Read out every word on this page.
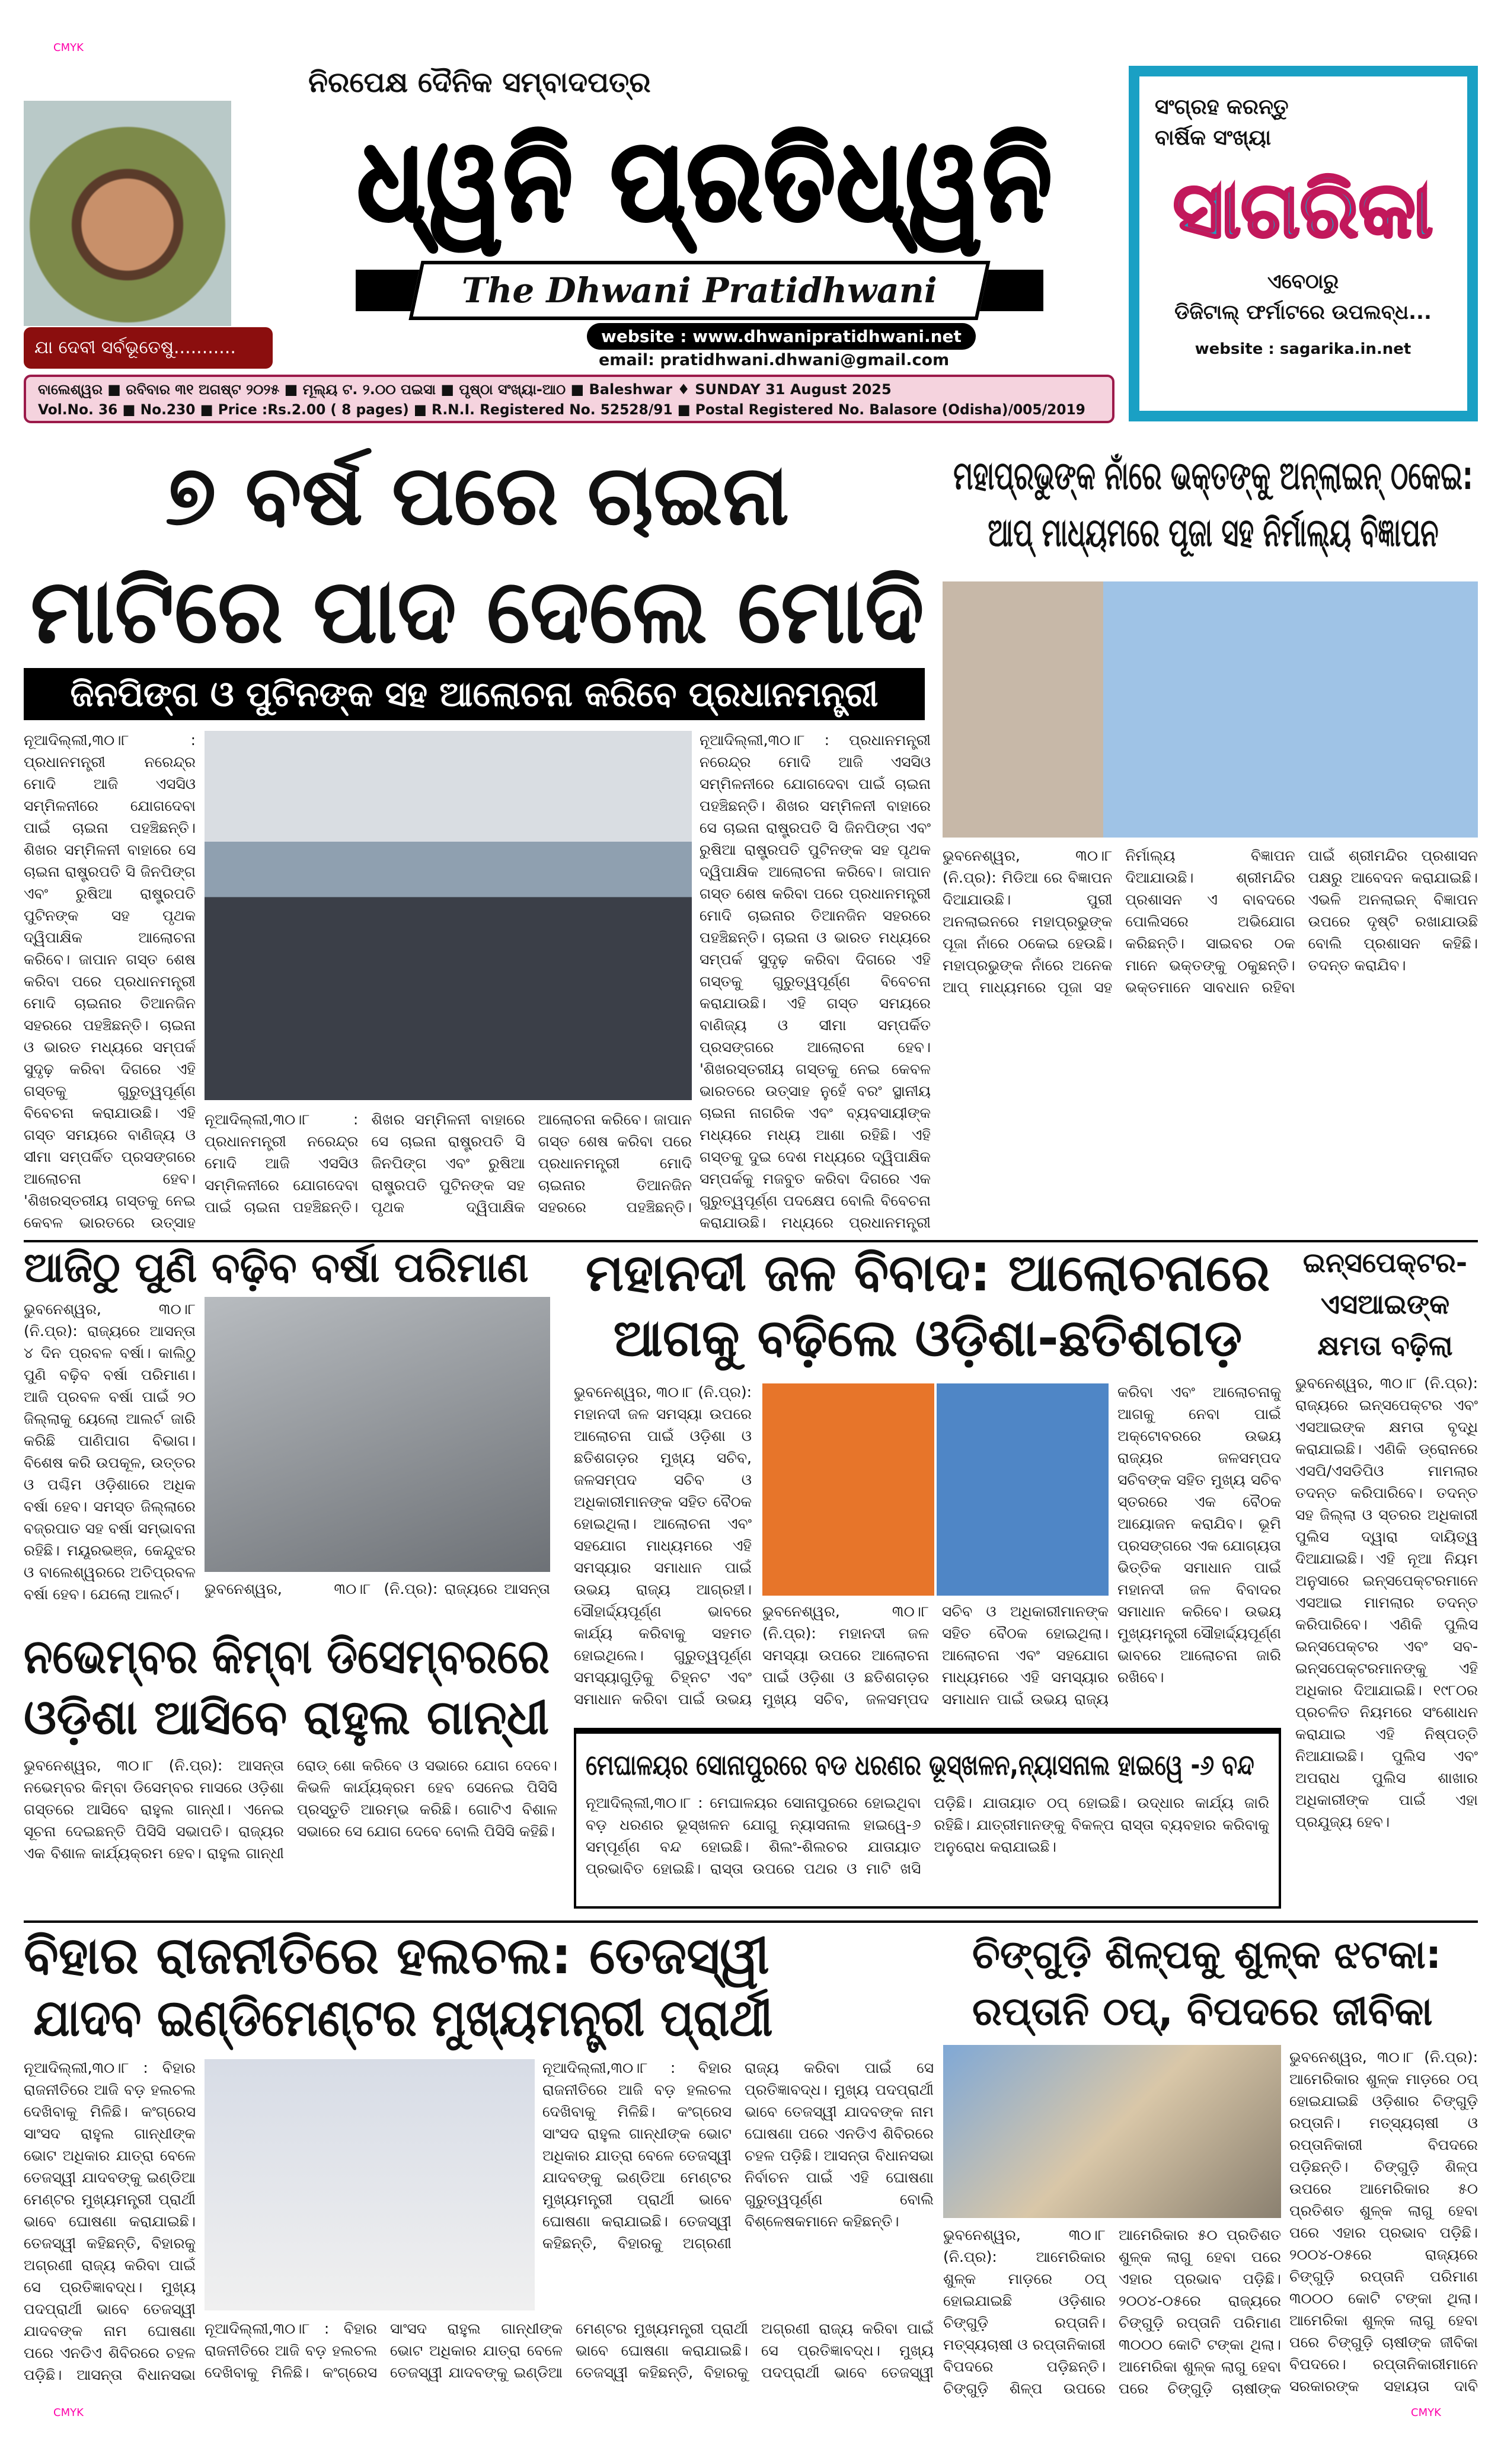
CMYK
CMYK
CMYK
ଯା ଦେବୀ ସର୍ବଭୂତେଷୁ...........
ନିରପେକ୍ଷ ଦୈନିକ ସମ୍ବାଦପତ୍ର
ଧ୍ୱନି ପ୍ରତିଧ୍ୱନି
The Dhwani Pratidhwani
website : www.dhwanipratidhwani.net
email: pratidhwani.dhwani@gmail.com
ବାଲେଶ୍ୱର ■ ରବିବାର ୩୧ ଅଗଷ୍ଟ ୨୦୨୫ ■ ମୂଲ୍ୟ ଟ. ୨.୦୦ ପଇସା ■ ପୃଷ୍ଠା ସଂଖ୍ୟା-ଆଠ ■ Baleshwar ♦ SUNDAY 31 August 2025
Vol.No. 36 ■ No.230 ■ Price :Rs.2.00 ( 8 pages) ■ R.N.I. Registered No. 52528/91 ■ Postal Registered No. Balasore (Odisha)/005/2019
ସଂଗ୍ରହ କରନ୍ତୁ
ବାର୍ଷିକ ସଂଖ୍ୟା
ସାଗରିକା
ଏବେଠାରୁ
ଡିଜିଟାଲ୍ ଫର୍ମାଟରେ ଉପଲବ୍ଧ...
website : sagarika.in.net
୭ ବର୍ଷ ପରେ ଚାଇନା
ମାଟିରେ ପାଦ ଦେଲେ ମୋଦି
ଜିନପିଙ୍ଗ ଓ ପୁଟିନଙ୍କ ସହ ଆଲୋଚନା କରିବେ ପ୍ରଧାନମନ୍ତ୍ରୀ
ନୂଆଦିଲ୍ଲୀ,୩୦।୮ : ପ୍ରଧାନମନ୍ତ୍ରୀ ନରେନ୍ଦ୍ର ମୋଦି ଆଜି ଏସସିଓ ସମ୍ମିଳନୀରେ ଯୋଗଦେବା ପାଇଁ ଚାଇନା ପହଞ୍ଚିଛନ୍ତି। ଶିଖର ସମ୍ମିଳନୀ ବାହାରେ ସେ ଚାଇନା ରାଷ୍ଟ୍ରପତି ସି ଜିନପିଙ୍ଗ ଏବଂ ରୁଷିଆ ରାଷ୍ଟ୍ରପତି ପୁଟିନଙ୍କ ସହ ପୃଥକ ଦ୍ୱିପାକ୍ଷିକ ଆଲୋଚନା କରିବେ। ଜାପାନ ଗସ୍ତ ଶେଷ କରିବା ପରେ ପ୍ରଧାନମନ୍ତ୍ରୀ ମୋଦି ଚାଇନାର ତିଆନଜିନ ସହରରେ ପହଞ୍ଚିଛନ୍ତି। ଚାଇନା ଓ ଭାରତ ମଧ୍ୟରେ ସମ୍ପର୍କ ସୁଦୃଢ଼ କରିବା ଦିଗରେ ଏହି ଗସ୍ତକୁ ଗୁରୁତ୍ୱପୂର୍ଣ୍ଣ ବିବେଚନା କରାଯାଉଛି। ଏହି ଗସ୍ତ ସମୟରେ ବାଣିଜ୍ୟ ଓ ସୀମା ସମ୍ପର୍କିତ ପ୍ରସଙ୍ଗରେ ଆଲୋଚନା ହେବ। 'ଶିଖରସ୍ତରୀୟ ଗସ୍ତକୁ ନେଇ କେବଳ ଭାରତରେ ଉତ୍ସାହ
ନୂଆଦିଲ୍ଲୀ,୩୦।୮ : ପ୍ରଧାନମନ୍ତ୍ରୀ ନରେନ୍ଦ୍ର ମୋଦି ଆଜି ଏସସିଓ ସମ୍ମିଳନୀରେ ଯୋଗଦେବା ପାଇଁ ଚାଇନା ପହଞ୍ଚିଛନ୍ତି। ଶିଖର ସମ୍ମିଳନୀ ବାହାରେ ସେ ଚାଇନା ରାଷ୍ଟ୍ରପତି ସି ଜିନପିଙ୍ଗ ଏବଂ ରୁଷିଆ ରାଷ୍ଟ୍ରପତି ପୁଟିନଙ୍କ ସହ ପୃଥକ ଦ୍ୱିପାକ୍ଷିକ ଆଲୋଚନା କରିବେ। ଜାପାନ ଗସ୍ତ ଶେଷ କରିବା ପରେ ପ୍ରଧାନମନ୍ତ୍ରୀ ମୋଦି ଚାଇନାର ତିଆନଜିନ ସହରରେ ପହଞ୍ଚିଛନ୍ତି।
ନୂଆଦିଲ୍ଲୀ,୩୦।୮ : ପ୍ରଧାନମନ୍ତ୍ରୀ ନରେନ୍ଦ୍ର ମୋଦି ଆଜି ଏସସିଓ ସମ୍ମିଳନୀରେ ଯୋଗଦେବା ପାଇଁ ଚାଇନା ପହଞ୍ଚିଛନ୍ତି। ଶିଖର ସମ୍ମିଳନୀ ବାହାରେ ସେ ଚାଇନା ରାଷ୍ଟ୍ରପତି ସି ଜିନପିଙ୍ଗ ଏବଂ ରୁଷିଆ ରାଷ୍ଟ୍ରପତି ପୁଟିନଙ୍କ ସହ ପୃଥକ ଦ୍ୱିପାକ୍ଷିକ ଆଲୋଚନା କରିବେ। ଜାପାନ ଗସ୍ତ ଶେଷ କରିବା ପରେ ପ୍ରଧାନମନ୍ତ୍ରୀ ମୋଦି ଚାଇନାର ତିଆନଜିନ ସହରରେ ପହଞ୍ଚିଛନ୍ତି। ଚାଇନା ଓ ଭାରତ ମଧ୍ୟରେ ସମ୍ପର୍କ ସୁଦୃଢ଼ କରିବା ଦିଗରେ ଏହି ଗସ୍ତକୁ ଗୁରୁତ୍ୱପୂର୍ଣ୍ଣ ବିବେଚନା କରାଯାଉଛି। ଏହି ଗସ୍ତ ସମୟରେ ବାଣିଜ୍ୟ ଓ ସୀମା ସମ୍ପର୍କିତ ପ୍ରସଙ୍ଗରେ ଆଲୋଚନା ହେବ। 'ଶିଖରସ୍ତରୀୟ ଗସ୍ତକୁ ନେଇ କେବଳ ଭାରତରେ ଉତ୍ସାହ ନୁହେଁ ବରଂ ସ୍ଥାନୀୟ ଚାଇନା ନାଗରିକ ଏବଂ ବ୍ୟବସାୟୀଙ୍କ ମଧ୍ୟରେ ମଧ୍ୟ ଆଶା ରହିଛି। ଏହି ଗସ୍ତକୁ ଦୁଇ ଦେଶ ମଧ୍ୟରେ ଦ୍ୱିପାକ୍ଷିକ ସମ୍ପର୍କକୁ ମଜବୁତ କରିବା ଦିଗରେ ଏକ ଗୁରୁତ୍ୱପୂର୍ଣ୍ଣ ପଦକ୍ଷେପ ବୋଲି ବିବେଚନା କରାଯାଉଛି। ମଧ୍ୟରେ ପ୍ରଧାନମନ୍ତ୍ରୀ
ମହାପ୍ରଭୁଙ୍କ ନାଁରେ ଭକ୍ତଙ୍କୁ ଅନ୍‌ଲାଇନ୍ ଠକେଇ: ଆପ୍ ମାଧ୍ୟମରେ ପୂଜା ସହ ନିର୍ମାଲ୍ୟ ବିଜ୍ଞାପନ
ଭୁବନେଶ୍ୱର, ୩୦।୮ (ନି.ପ୍ର): ମିଡିଆ ରେ ବିଜ୍ଞାପନ ଦିଆଯାଉଛି। ପୁରୀ ଅନଲାଇନରେ ମହାପ୍ରଭୁଙ୍କ ପୂଜା ନାଁରେ ଠକେଇ ହେଉଛି। ମହାପ୍ରଭୁଙ୍କ ନାଁରେ ଅନେକ ଆପ୍ ମାଧ୍ୟମରେ ପୂଜା ସହ ନିର୍ମାଲ୍ୟ ବିଜ୍ଞାପନ ଦିଆଯାଉଛି। ଶ୍ରୀମନ୍ଦିର ପ୍ରଶାସନ ଏ ବାବଦରେ ପୋଲିସରେ ଅଭିଯୋଗ କରିଛନ୍ତି। ସାଇବର ଠକ ମାନେ ଭକ୍ତଙ୍କୁ ଠକୁଛନ୍ତି। ଭକ୍ତମାନେ ସାବଧାନ ରହିବା ପାଇଁ ଶ୍ରୀମନ୍ଦିର ପ୍ରଶାସନ ପକ୍ଷରୁ ଆବେଦନ କରାଯାଇଛି। ଏଭଳି ଅନଲାଇନ୍ ବିଜ୍ଞାପନ ଉପରେ ଦୃଷ୍ଟି ରଖାଯାଉଛି ବୋଲି ପ୍ରଶାସନ କହିଛି। ତଦନ୍ତ କରାଯିବ।
ଆଜିଠୁ ପୁଣି ବଢ଼ିବ ବର୍ଷା ପରିମାଣ
ଭୁବନେଶ୍ୱର, ୩୦।୮ (ନି.ପ୍ର): ରାଜ୍ୟରେ ଆସନ୍ତା ୪ ଦିନ ପ୍ରବଳ ବର୍ଷା। କାଲିଠୁ ପୁଣି ବଢ଼ିବ ବର୍ଷା ପରିମାଣ। ଆଜି ପ୍ରବଳ ବର୍ଷା ପାଇଁ ୨୦ ଜିଲ୍ଲାକୁ ୟେଲୋ ଆଲର୍ଟ ଜାରି କରିଛି ପାଣିପାଗ ବିଭାଗ। ବିଶେଷ କରି ଉପକୂଳ, ଉତ୍ତର ଓ ପଶ୍ଚିମ ଓଡ଼ିଶାରେ ଅଧିକ ବର୍ଷା ହେବ। ସମସ୍ତ ଜିଲ୍ଲାରେ ବଜ୍ରପାତ ସହ ବର୍ଷା ସମ୍ଭାବନା ରହିଛି। ମୟୂରଭଞ୍ଜ, କେନ୍ଦୁଝର ଓ ବାଲେଶ୍ୱରରେ ଅତିପ୍ରବଳ ବର୍ଷା ହେବ। ଯେଲୋ ଆଲର୍ଟ।	ଭୁବନେଶ୍ୱର, ୩୦।୮ (ନି.ପ୍ର): ରାଜ୍ୟରେ ଆସନ୍ତା
ମହାନଦୀ ଜଳ ବିବାଦ: ଆଲୋଚନାରେ
ଆଗକୁ ବଢ଼ିଲେ ଓଡ଼ିଶା-ଛତିଶଗଡ଼
ଭୁବନେଶ୍ୱର, ୩୦।୮ (ନି.ପ୍ର): ମହାନଦୀ ଜଳ ସମସ୍ୟା ଉପରେ ଆଲୋଚନା ପାଇଁ ଓଡ଼ିଶା ଓ ଛତିଶଗଡ଼ର ମୁଖ୍ୟ ସଚିବ, ଜଳସମ୍ପଦ ସଚିବ ଓ ଅଧିକାରୀମାନଙ୍କ ସହିତ ବୈଠକ ହୋଇଥିଲା। ଆଲୋଚନା ଏବଂ ସହଯୋଗ ମାଧ୍ୟମରେ ଏହି ସମସ୍ୟାର ସମାଧାନ ପାଇଁ ଉଭୟ ରାଜ୍ୟ ଆଗ୍ରହୀ। ସୌହାର୍ଦ୍ଦ୍ୟପୂର୍ଣ୍ଣ ଭାବରେ କାର୍ଯ୍ୟ କରିବାକୁ ସହମତ ହୋଇଥିଲେ। ଗୁରୁତ୍ୱପୂର୍ଣ୍ଣ ସମସ୍ୟାଗୁଡ଼ିକୁ ଚିହ୍ନଟ ଏବଂ ସମାଧାନ କରିବା ପାଇଁ ଉଭୟ
ଭୁବନେଶ୍ୱର, ୩୦।୮ (ନି.ପ୍ର): ମହାନଦୀ ଜଳ ସମସ୍ୟା ଉପରେ ଆଲୋଚନା ପାଇଁ ଓଡ଼ିଶା ଓ ଛତିଶଗଡ଼ର ମୁଖ୍ୟ ସଚିବ, ଜଳସମ୍ପଦ ସଚିବ ଓ ଅଧିକାରୀମାନଙ୍କ ସହିତ ବୈଠକ ହୋଇଥିଲା। ଆଲୋଚନା ଏବଂ ସହଯୋଗ ମାଧ୍ୟମରେ ଏହି ସମସ୍ୟାର ସମାଧାନ ପାଇଁ ଉଭୟ ରାଜ୍ୟ
କରିବା ଏବଂ ଆଲୋଚନାକୁ ଆଗକୁ ନେବା ପାଇଁ ଅକ୍ଟୋବରରେ ଉଭୟ ରାଜ୍ୟର ଜଳସମ୍ପଦ ସଚିବଙ୍କ ସହିତ ମୁଖ୍ୟ ସଚିବ ସ୍ତରରେ ଏକ ବୈଠକ ଆୟୋଜନ କରାଯିବ। ଭୂମି ପ୍ରସଙ୍ଗରେ ଏକ ଯୋଗ୍ୟତା ଭିତ୍ତିକ ସମାଧାନ ପାଇଁ ମହାନଦୀ ଜଳ ବିବାଦର ସମାଧାନ କରିବେ। ଉଭୟ ମୁଖ୍ୟମନ୍ତ୍ରୀ ସୌହାର୍ଦ୍ଦ୍ୟପୂର୍ଣ୍ଣ ଭାବରେ ଆଲୋଚନା ଜାରି ରଖିବେ।
ଇନ୍ସପେକ୍ଟର-ଏସଆଇଙ୍କ କ୍ଷମତା ବଢ଼ିଲା
ଭୁବନେଶ୍ୱର, ୩୦।୮ (ନି.ପ୍ର): ରାଜ୍ୟରେ ଇନ୍ସପେକ୍ଟର ଏବଂ ଏସଆଇଙ୍କ କ୍ଷମତା ବୃଦ୍ଧି କରାଯାଇଛି। ଏଣିକି ଡ୍ରୋନରେ ଏସପି/ଏସଡିପିଓ ମାମଲାର ତଦନ୍ତ କରିପାରିବେ। ତଦନ୍ତ ସହ ଜିଲ୍ଲା ଓ ସ୍ତରର ଅଧିକାରୀ ପୁଲିସ ଦ୍ୱାରା ଦାୟିତ୍ୱ ଦିଆଯାଇଛି। ଏହି ନୂଆ ନିୟମ ଅନୁସାରେ ଇନ୍ସପେକ୍ଟରମାନେ ଏସଆଇ ମାମଲାର ତଦନ୍ତ କରିପାରିବେ। ଏଣିକି ପୁଲିସ ଇନ୍ସପେକ୍ଟର ଏବଂ ସବ-ଇନ୍ସପେକ୍ଟରମାନଙ୍କୁ ଏହି ଅଧିକାର ଦିଆଯାଇଛି। ୧୯୮୦ର ପ୍ରଚଳିତ ନିୟମରେ ସଂଶୋଧନ କରାଯାଇ ଏହି ନିଷ୍ପତ୍ତି ନିଆଯାଇଛି। ପୁଲିସ ଏବଂ ଅପରାଧ ପୁଲିସ ଶାଖାର ଅଧିକାରୀଙ୍କ ପାଇଁ ଏହା ପ୍ରଯୁଜ୍ୟ ହେବ।
ନଭେମ୍ବର କିମ୍ବା ଡିସେମ୍ବରରେ
ଓଡ଼ିଶା ଆସିବେ ରାହୁଲ ଗାନ୍ଧୀ
ଭୁବନେଶ୍ୱର, ୩୦।୮ (ନି.ପ୍ର): ଆସନ୍ତା ନଭେମ୍ବର କିମ୍ବା ଡିସେମ୍ବର ମାସରେ ଓଡ଼ିଶା ଗସ୍ତରେ ଆସିବେ ରାହୁଲ ଗାନ୍ଧୀ। ଏନେଇ ସୂଚନା ଦେଇଛନ୍ତି ପିସିସି ସଭାପତି। ରାଜ୍ୟର ଏକ ବିଶାଳ କାର୍ଯ୍ୟକ୍ରମ ହେବ। ରାହୁଲ ଗାନ୍ଧୀ ରୋଡ୍ ଶୋ କରିବେ ଓ ସଭାରେ ଯୋଗ ଦେବେ। କିଭଳି କାର୍ଯ୍ୟକ୍ରମ ହେବ ସେନେଇ ପିସିସି ପ୍ରସ୍ତୁତି ଆରମ୍ଭ କରିଛି। ଗୋଟିଏ ବିଶାଳ ସଭାରେ ସେ ଯୋଗ ଦେବେ ବୋଲି ପିସିସି କହିଛି।
ମେଘାଳୟର ସୋନାପୁରରେ ବଡ ଧରଣର ଭୂସ୍ଖଳନ,ନ୍ୟାସନାଲ ହାଇୱେ -୬ ବନ୍ଦ
ନୂଆଦିଲ୍ଲୀ,୩୦।୮ : ମେଘାଳୟର ସୋନାପୁରରେ ହୋଇଥିବା ବଡ଼ ଧରଣର ଭୂସ୍ଖଳନ ଯୋଗୁ ନ୍ୟାସନାଲ ହାଇୱେ-୬ ସମ୍ପୂର୍ଣ୍ଣ ବନ୍ଦ ହୋଇଛି। ଶିଲଂ-ଶିଲଚର ଯାତାୟାତ ପ୍ରଭାବିତ ହୋଇଛି। ରାସ୍ତା ଉପରେ ପଥର ଓ ମାଟି ଖସି ପଡ଼ିଛି। ଯାତାୟାତ ଠପ୍ ହୋଇଛି। ଉଦ୍ଧାର କାର୍ଯ୍ୟ ଜାରି ରହିଛି। ଯାତ୍ରୀମାନଙ୍କୁ ବିକଳ୍ପ ରାସ୍ତା ବ୍ୟବହାର କରିବାକୁ ଅନୁରୋଧ କରାଯାଇଛି।
ବିହାର ରାଜନୀତିରେ ହଲଚଲ: ତେଜସ୍ୱୀ
ଯାଦବ ଇଣ୍ଡିମେଣ୍ଟର ମୁଖ୍ୟମନ୍ତ୍ରୀ ପ୍ରାର୍ଥୀ
ନୂଆଦିଲ୍ଲୀ,୩୦।୮ : ବିହାର ରାଜନୀତିରେ ଆଜି ବଡ଼ ହଲଚଲ ଦେଖିବାକୁ ମିଳିଛି। କଂଗ୍ରେସ ସାଂସଦ ରାହୁଲ ଗାନ୍ଧୀଙ୍କ ଭୋଟ ଅଧିକାର ଯାତ୍ରା ବେଳେ ତେଜସ୍ୱୀ ଯାଦବଙ୍କୁ ଇଣ୍ଡିଆ ମେଣ୍ଟର ମୁଖ୍ୟମନ୍ତ୍ରୀ ପ୍ରାର୍ଥୀ ଭାବେ ଘୋଷଣା କରାଯାଇଛି। ତେଜସ୍ୱୀ କହିଛନ୍ତି, ବିହାରକୁ ଅଗ୍ରଣୀ ରାଜ୍ୟ କରିବା ପାଇଁ ସେ ପ୍ରତିଜ୍ଞାବଦ୍ଧ। ମୁଖ୍ୟ ପଦପ୍ରାର୍ଥୀ ଭାବେ ତେଜସ୍ୱୀ ଯାଦବଙ୍କ ନାମ ଘୋଷଣା ପରେ ଏନଡିଏ ଶିବିରରେ ଚହଳ ପଡ଼ିଛି। ଆସନ୍ତା ବିଧାନସଭା
ନୂଆଦିଲ୍ଲୀ,୩୦।୮ : ବିହାର ରାଜନୀତିରେ ଆଜି ବଡ଼ ହଲଚଲ ଦେଖିବାକୁ ମିଳିଛି। କଂଗ୍ରେସ ସାଂସଦ ରାହୁଲ ଗାନ୍ଧୀଙ୍କ ଭୋଟ ଅଧିକାର ଯାତ୍ରା ବେଳେ ତେଜସ୍ୱୀ ଯାଦବଙ୍କୁ ଇଣ୍ଡିଆ ମେଣ୍ଟର ମୁଖ୍ୟମନ୍ତ୍ରୀ ପ୍ରାର୍ଥୀ ଭାବେ ଘୋଷଣା କରାଯାଇଛି। ତେଜସ୍ୱୀ କହିଛନ୍ତି, ବିହାରକୁ ଅଗ୍ରଣୀ ରାଜ୍ୟ କରିବା ପାଇଁ ସେ ପ୍ରତିଜ୍ଞାବଦ୍ଧ। ମୁଖ୍ୟ ପଦପ୍ରାର୍ଥୀ ଭାବେ ତେଜସ୍ୱୀ
ନୂଆଦିଲ୍ଲୀ,୩୦।୮ : ବିହାର ରାଜନୀତିରେ ଆଜି ବଡ଼ ହଲଚଲ ଦେଖିବାକୁ ମିଳିଛି। କଂଗ୍ରେସ ସାଂସଦ ରାହୁଲ ଗାନ୍ଧୀଙ୍କ ଭୋଟ ଅଧିକାର ଯାତ୍ରା ବେଳେ ତେଜସ୍ୱୀ ଯାଦବଙ୍କୁ ଇଣ୍ଡିଆ ମେଣ୍ଟର ମୁଖ୍ୟମନ୍ତ୍ରୀ ପ୍ରାର୍ଥୀ ଭାବେ ଘୋଷଣା କରାଯାଇଛି। ତେଜସ୍ୱୀ କହିଛନ୍ତି, ବିହାରକୁ ଅଗ୍ରଣୀ ରାଜ୍ୟ କରିବା ପାଇଁ ସେ ପ୍ରତିଜ୍ଞାବଦ୍ଧ। ମୁଖ୍ୟ ପଦପ୍ରାର୍ଥୀ ଭାବେ ତେଜସ୍ୱୀ ଯାଦବଙ୍କ ନାମ ଘୋଷଣା ପରେ ଏନଡିଏ ଶିବିରରେ ଚହଳ ପଡ଼ିଛି। ଆସନ୍ତା ବିଧାନସଭା ନିର୍ବାଚନ ପାଇଁ ଏହି ଘୋଷଣା ଗୁରୁତ୍ୱପୂର୍ଣ୍ଣ ବୋଲି ବିଶ୍ଳେଷକମାନେ କହିଛନ୍ତି।
ଚିଙ୍ଗୁଡ଼ି ଶିଳ୍ପକୁ ଶୁଳ୍କ ଝଟକା: ରପ୍ତାନି ଠପ୍, ବିପଦରେ ଜୀବିକା
ଭୁବନେଶ୍ୱର, ୩୦।୮ (ନି.ପ୍ର): ଆମେରିକାର ଶୁଳ୍କ ମାଡ଼ରେ ଠପ୍ ହୋଇଯାଇଛି ଓଡ଼ିଶାର ଚିଙ୍ଗୁଡ଼ି ରପ୍ତାନି। ମତ୍ସ୍ୟଚାଷୀ ଓ ରପ୍ତାନିକାରୀ ବିପଦରେ ପଡ଼ିଛନ୍ତି। ଚିଙ୍ଗୁଡ଼ି ଶିଳ୍ପ ଉପରେ ଆମେରିକାର ୫୦ ପ୍ରତିଶତ ଶୁଳ୍କ ଲାଗୁ ହେବା ପରେ ଏହାର ପ୍ରଭାବ ପଡ଼ିଛି। ୨୦୦୪-୦୫ରେ ରାଜ୍ୟରେ ଚିଙ୍ଗୁଡ଼ି ରପ୍ତାନି ପରିମାଣ ୩୦୦୦ କୋଟି ଟଙ୍କା ଥିଲା। ଆମେରିକା ଶୁଳ୍କ ଲାଗୁ ହେବା ପରେ ଚିଙ୍ଗୁଡ଼ି ଚାଷୀଙ୍କ
ଭୁବନେଶ୍ୱର, ୩୦।୮ (ନି.ପ୍ର): ଆମେରିକାର ଶୁଳ୍କ ମାଡ଼ରେ ଠପ୍ ହୋଇଯାଇଛି ଓଡ଼ିଶାର ଚିଙ୍ଗୁଡ଼ି ରପ୍ତାନି। ମତ୍ସ୍ୟଚାଷୀ ଓ ରପ୍ତାନିକାରୀ ବିପଦରେ ପଡ଼ିଛନ୍ତି। ଚିଙ୍ଗୁଡ଼ି ଶିଳ୍ପ ଉପରେ ଆମେରିକାର ୫୦ ପ୍ରତିଶତ ଶୁଳ୍କ ଲାଗୁ ହେବା ପରେ ଏହାର ପ୍ରଭାବ ପଡ଼ିଛି। ୨୦୦୪-୦୫ରେ ରାଜ୍ୟରେ ଚିଙ୍ଗୁଡ଼ି ରପ୍ତାନି ପରିମାଣ ୩୦୦୦ କୋଟି ଟଙ୍କା ଥିଲା। ଆମେରିକା ଶୁଳ୍କ ଲାଗୁ ହେବା ପରେ ଚିଙ୍ଗୁଡ଼ି ଚାଷୀଙ୍କ ଜୀବିକା ବିପଦରେ। ରପ୍ତାନିକାରୀମାନେ ସରକାରଙ୍କ ସହାୟତା ଦାବି
